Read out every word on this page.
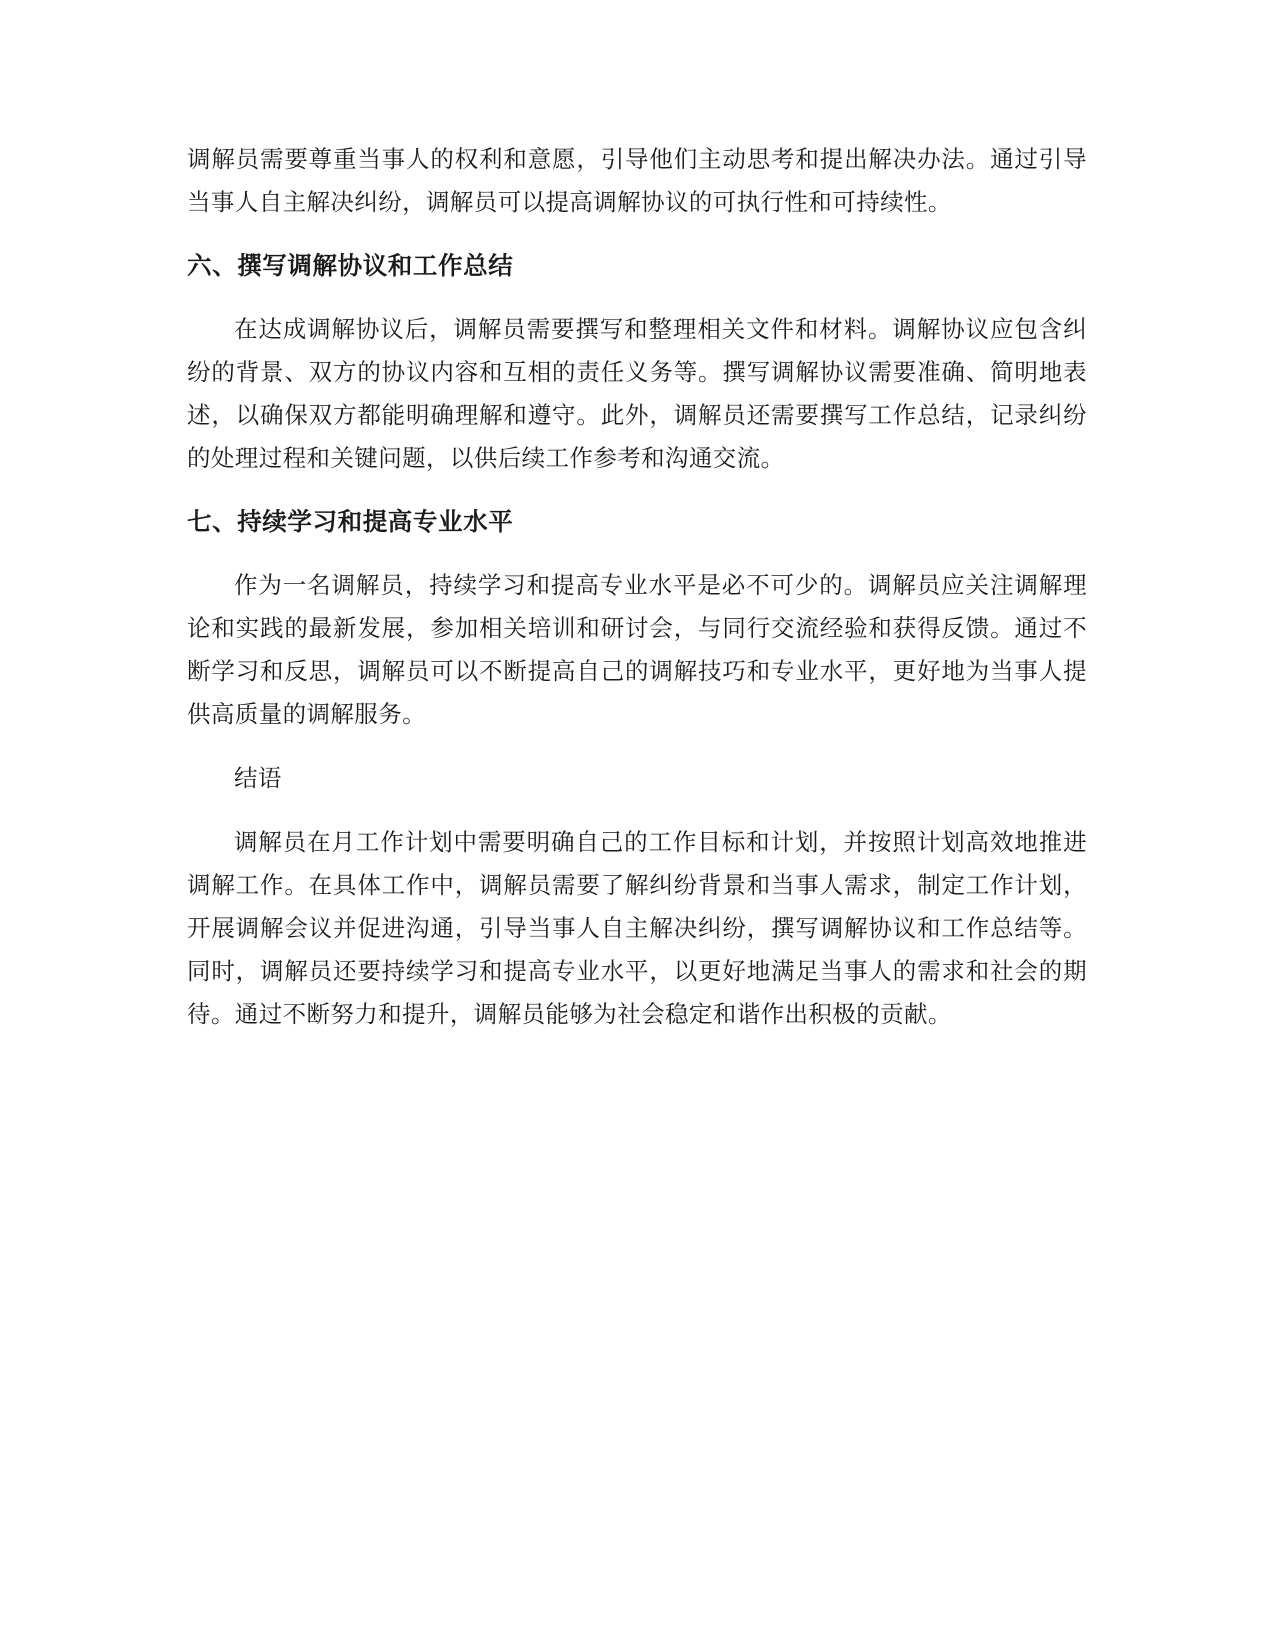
调解员需要尊重当事人的权利和意愿，引导他们主动思考和提出解决办法。通过引导当事人自主解决纠纷，调解员可以提高调解协议的可执行性和可持续性。

六、撰写调解协议和工作总结

在达成调解协议后，调解员需要撰写和整理相关文件和材料。调解协议应包含纠纷的背景、双方的协议内容和互相的责任义务等。撰写调解协议需要准确、简明地表述，以确保双方都能明确理解和遵守。此外，调解员还需要撰写工作总结，记录纠纷的处理过程和关键问题，以供后续工作参考和沟通交流。

七、持续学习和提高专业水平

作为一名调解员，持续学习和提高专业水平是必不可少的。调解员应关注调解理论和实践的最新发展，参加相关培训和研讨会，与同行交流经验和获得反馈。通过不断学习和反思，调解员可以不断提高自己的调解技巧和专业水平，更好地为当事人提供高质量的调解服务。

结语

调解员在月工作计划中需要明确自己的工作目标和计划，并按照计划高效地推进调解工作。在具体工作中，调解员需要了解纠纷背景和当事人需求，制定工作计划，开展调解会议并促进沟通，引导当事人自主解决纠纷，撰写调解协议和工作总结等。同时，调解员还要持续学习和提高专业水平，以更好地满足当事人的需求和社会的期待。通过不断努力和提升，调解员能够为社会稳定和谐作出积极的贡献。
